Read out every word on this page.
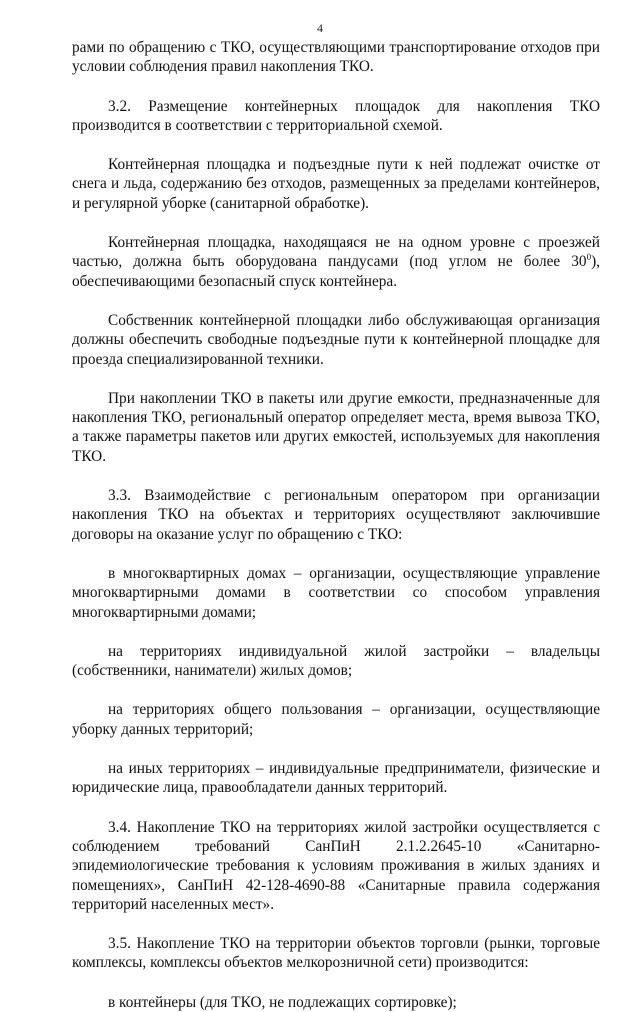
4

рами по обращению с ТКО, осуществляющими транспортирование отходов при условии соблюдения правил накопления ТКО.

3.2. Размещение контейнерных площадок для накопления ТКО производится в соответствии с территориальной схемой.

Контейнерная площадка и подъездные пути к ней подлежат очистке от снега и льда, содержанию без отходов, размещенных за пределами контейнеров, и регулярной уборке (санитарной обработке).

Контейнерная площадка, находящаяся не на одном уровне с проезжей частью, должна быть оборудована пандусами (под углом не более $30^0$), обеспечивающими безопасный спуск контейнера.

Собственник контейнерной площадки либо обслуживающая организация должны обеспечить свободные подъездные пути к контейнерной площадке для проезда специализированной техники.

При накоплении ТКО в пакеты или другие емкости, предназначенные для накопления ТКО, региональный оператор определяет места, время вывоза ТКО, а также параметры пакетов или других емкостей, используемых для накопления ТКО.

3.3. Взаимодействие с региональным оператором при организации накопления ТКО на объектах и территориях осуществляют заключившие договоры на оказание услуг по обращению с ТКО:

в многоквартирных домах – организации, осуществляющие управление многоквартирными домами в соответствии со способом управления многоквартирными домами;

на территориях индивидуальной жилой застройки – владельцы (собственники, наниматели) жилых домов;

на территориях общего пользования – организации, осуществляющие уборку данных территорий;

на иных территориях – индивидуальные предприниматели, физические и юридические лица, правообладатели данных территорий.

3.4. Накопление ТКО на территориях жилой застройки осуществляется с соблюдением требований СанПиН 2.1.2.2645-10 «Санитарно-эпидемиологические требования к условиям проживания в жилых зданиях и помещениях», СанПиН 42-128-4690-88 «Санитарные правила содержания территорий населенных мест».

3.5. Накопление ТКО на территории объектов торговли (рынки, торговые комплексы, комплексы объектов мелкорозничной сети) производится:

в контейнеры (для ТКО, не подлежащих сортировке);
